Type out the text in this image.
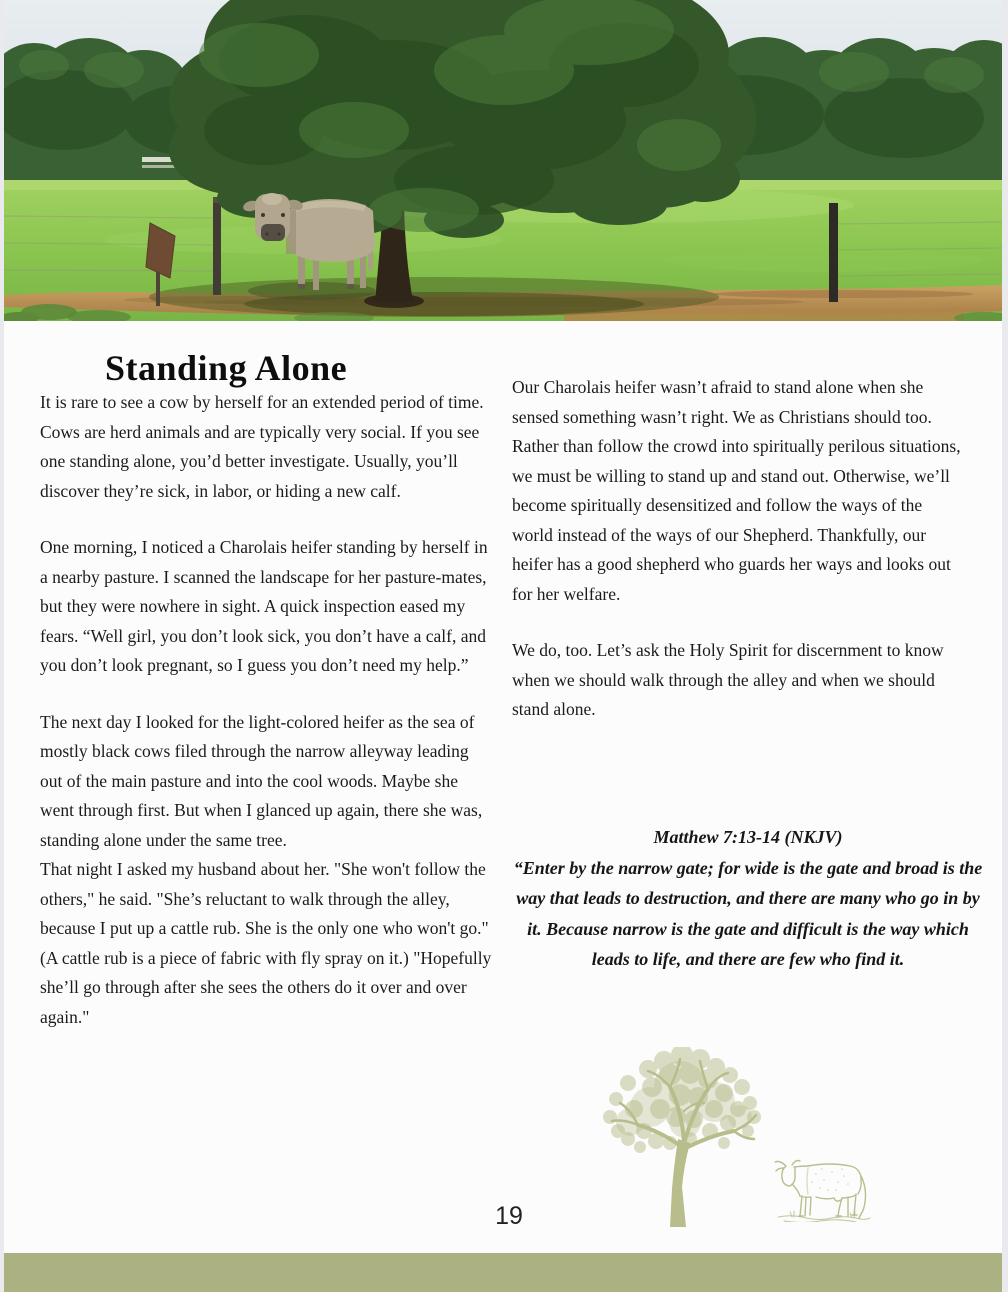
Standing Alone

It is rare to see a cow by herself for an extended period of time. Cows are herd animals and are typically very social. If you see one standing alone, you’d better investigate. Usually, you’ll discover they’re sick, in labor, or hiding a new calf.

One morning, I noticed a Charolais heifer standing by herself in a nearby pasture. I scanned the landscape for her pasture-mates, but they were nowhere in sight. A quick inspection eased my fears. “Well girl, you don’t look sick, you don’t have a calf, and you don’t look pregnant, so I guess you don’t need my help.”

The next day I looked for the light-colored heifer as the sea of mostly black cows filed through the narrow alleyway leading out of the main pasture and into the cool woods. Maybe she went through first. But when I glanced up again, there she was, standing alone under the same tree.

That night I asked my husband about her. "She won't follow the others," he said. "She’s reluctant to walk through the alley, because I put up a cattle rub. She is the only one who won't go."(A cattle rub is a piece of fabric with fly spray on it.) "Hopefully she’ll go through after she sees the others do it over and over again."

Our Charolais heifer wasn’t afraid to stand alone when she sensed something wasn’t right. We as Christians should too. Rather than follow the crowd into spiritually perilous situations, we must be willing to stand up and stand out. Otherwise, we’ll become spiritually desensitized and follow the ways of the world instead of the ways of our Shepherd. Thankfully, our heifer has a good shepherd who guards her ways and looks out for her welfare.

We do, too. Let’s ask the Holy Spirit for discernment to know when we should walk through the alley and when we should stand alone.

Matthew 7:13-14 (NKJV)
“Enter by the narrow gate; for wide is the gate and broad is the way that leads to destruction, and there are many who go in by it. Because narrow is the gate and difficult is the way which leads to life, and there are few who find it.
19
